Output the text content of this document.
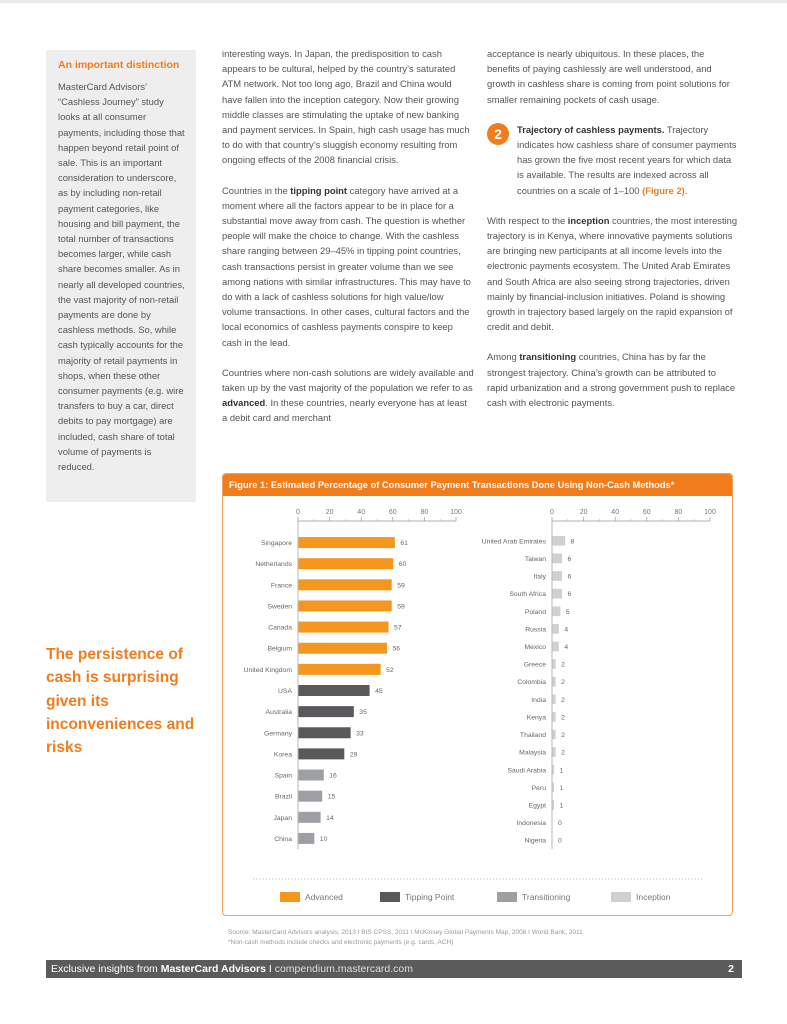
An important distinction

MasterCard Advisors’ “Cashless Journey” study looks at all consumer payments, including those that happen beyond retail point of sale. This is an important consideration to underscore, as by including non-retail payment categories, like housing and bill payment, the total number of transactions becomes larger, while cash share becomes smaller. As in nearly all developed countries, the vast majority of non-retail payments are done by cashless methods. So, while cash typically accounts for the majority of retail payments in shops, when these other consumer payments (e.g. wire transfers to buy a car, direct debits to pay mortgage) are included, cash share of total volume of payments is reduced.

interesting ways. In Japan, the predisposition to cash appears to be cultural, helped by the country’s saturated ATM network. Not too long ago, Brazil and China would have fallen into the inception category. Now their growing middle classes are stimulating the uptake of new banking and payment services. In Spain, high cash usage has much to do with that country’s sluggish economy resulting from ongoing effects of the 2008 financial crisis.

Countries in the tipping point category have arrived at a moment where all the factors appear to be in place for a substantial move away from cash. The question is whether people will make the choice to change. With the cashless share ranging between 29–45% in tipping point countries, cash transactions persist in greater volume than we see among nations with similar infrastructures. This may have to do with a lack of cashless solutions for high value/low volume transactions. In other cases, cultural factors and the local economics of cashless payments conspire to keep cash in the lead.

Countries where non-cash solutions are widely available and taken up by the vast majority of the population we refer to as advanced. In these countries, nearly everyone has at least a debit card and merchant

acceptance is nearly ubiquitous. In these places, the benefits of paying cashlessly are well understood, and growth in cashless share is coming from point solutions for smaller remaining pockets of cash usage.

2	Trajectory of cashless payments. Trajectory indicates how cashless share of consumer payments has grown the five most recent years for which data is available. The results are indexed across all countries on a scale of 1–100 (Figure 2).

With respect to the inception countries, the most interesting trajectory is in Kenya, where innovative payments solutions are bringing new participants at all income levels into the electronic payments ecosystem. The United Arab Emirates and South Africa are also seeing strong trajectories, driven mainly by financial-inclusion initiatives. Poland is showing growth in trajectory based largely on the rapid expansion of credit and debit.

Among transitioning countries, China has by far the strongest trajectory. China’s growth can be attributed to rapid urbanization and a strong government push to replace cash with electronic payments.

The persistence of cash is surprising given its inconveniences and risks
Figure 1: Estimated Percentage of Consumer Payment Transactions Done Using Non-Cash Methods*
0	20	40	60	80	100
Singapore	61
Netherlands	60
France	59
Sweden	59
Canada	57
Belgium	56
United Kingdom	52
USA	45
Australia	35
Germany	33
Korea	29
Spain	16
Brazil	15
Japan	14
China	10
0	20	40	60	80	100
United Arab Emirates	8
Taiwan	6
Italy	6
South Africa	6
Poland	5
Russia	4
Mexico	4
Greece 2
Colombia 2
India 2
Kenya 2
Thailand 2
Malaysia 2
Saudi Arabia 1
Peru 1
Egypt 1
Indonesia 0
Nigeria 0
Advanced	Tipping Point	Transitioning	Inception
Source: MasterCard Advisors analysis, 2013 I BIS CPSS, 2011 I McKinsey Global Payments Map, 2008 I World Bank, 2011
*Non-cash methods include checks and electronic payments (e.g. cards, ACH)
Exclusive insights from MasterCard Advisors I compendium.mastercard.com	2
